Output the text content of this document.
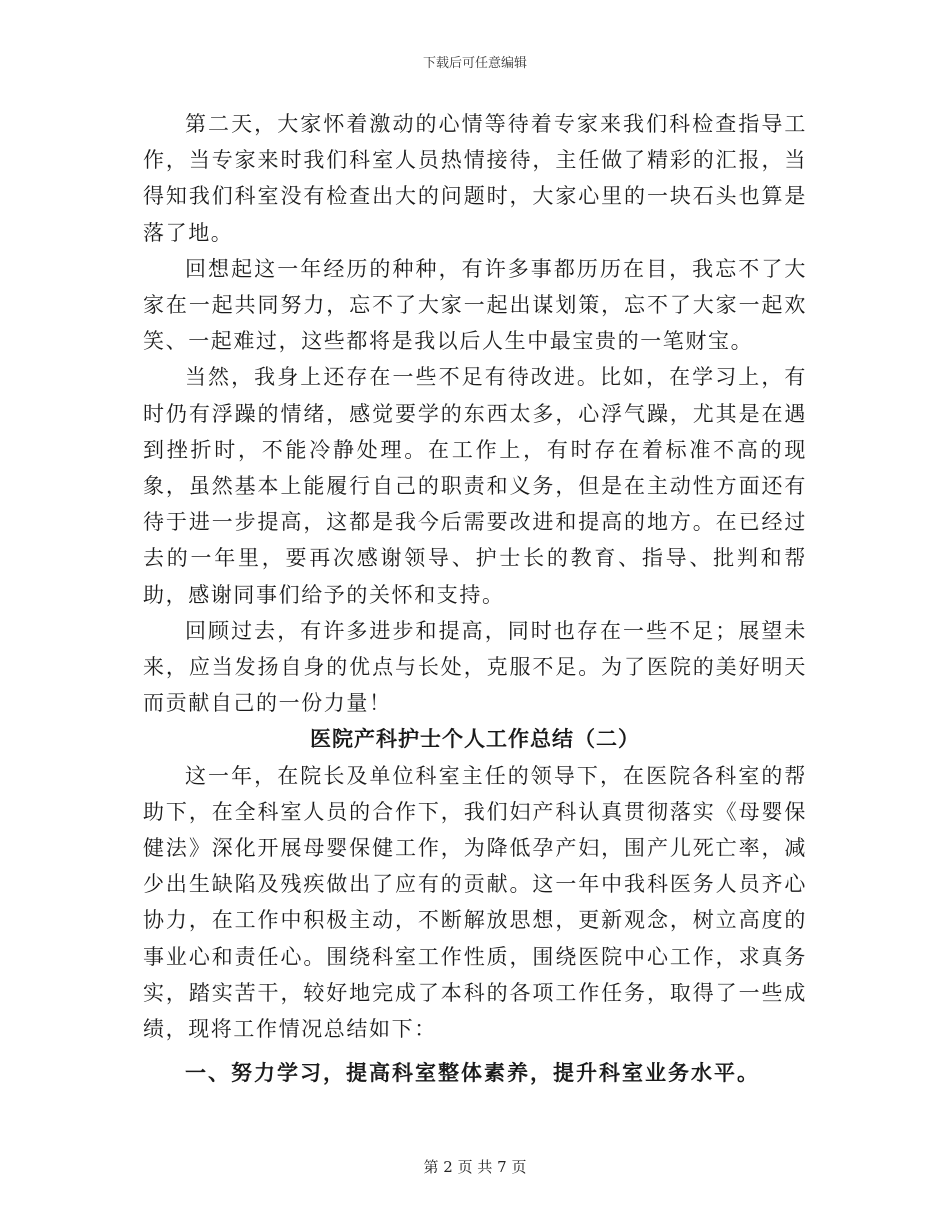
下载后可任意编辑

第二天，大家怀着激动的心情等待着专家来我们科检查指导工作，当专家来时我们科室人员热情接待，主任做了精彩的汇报，当得知我们科室没有检查出大的问题时，大家心里的一块石头也算是落了地。

回想起这一年经历的种种，有许多事都历历在目，我忘不了大家在一起共同努力，忘不了大家一起出谋划策，忘不了大家一起欢笑、一起难过，这些都将是我以后人生中最宝贵的一笔财宝。

当然，我身上还存在一些不足有待改进。比如，在学习上，有时仍有浮躁的情绪，感觉要学的东西太多，心浮气躁，尤其是在遇到挫折时，不能冷静处理。在工作上，有时存在着标准不高的现象，虽然基本上能履行自己的职责和义务，但是在主动性方面还有待于进一步提高，这都是我今后需要改进和提高的地方。在已经过去的一年里，要再次感谢领导、护士长的教育、指导、批判和帮助，感谢同事们给予的关怀和支持。

回顾过去，有许多进步和提高，同时也存在一些不足；展望未来，应当发扬自身的优点与长处，克服不足。为了医院的美好明天而贡献自己的一份力量！

医院产科护士个人工作总结（二）

这一年，在院长及单位科室主任的领导下，在医院各科室的帮助下，在全科室人员的合作下，我们妇产科认真贯彻落实《母婴保健法》深化开展母婴保健工作，为降低孕产妇，围产儿死亡率，减少出生缺陷及残疾做出了应有的贡献。这一年中我科医务人员齐心协力，在工作中积极主动，不断解放思想，更新观念，树立高度的事业心和责任心。围绕科室工作性质，围绕医院中心工作，求真务实，踏实苦干，较好地完成了本科的各项工作任务，取得了一些成绩，现将工作情况总结如下：

一、努力学习，提高科室整体素养，提升科室业务水平。

第 2 页 共 7 页
